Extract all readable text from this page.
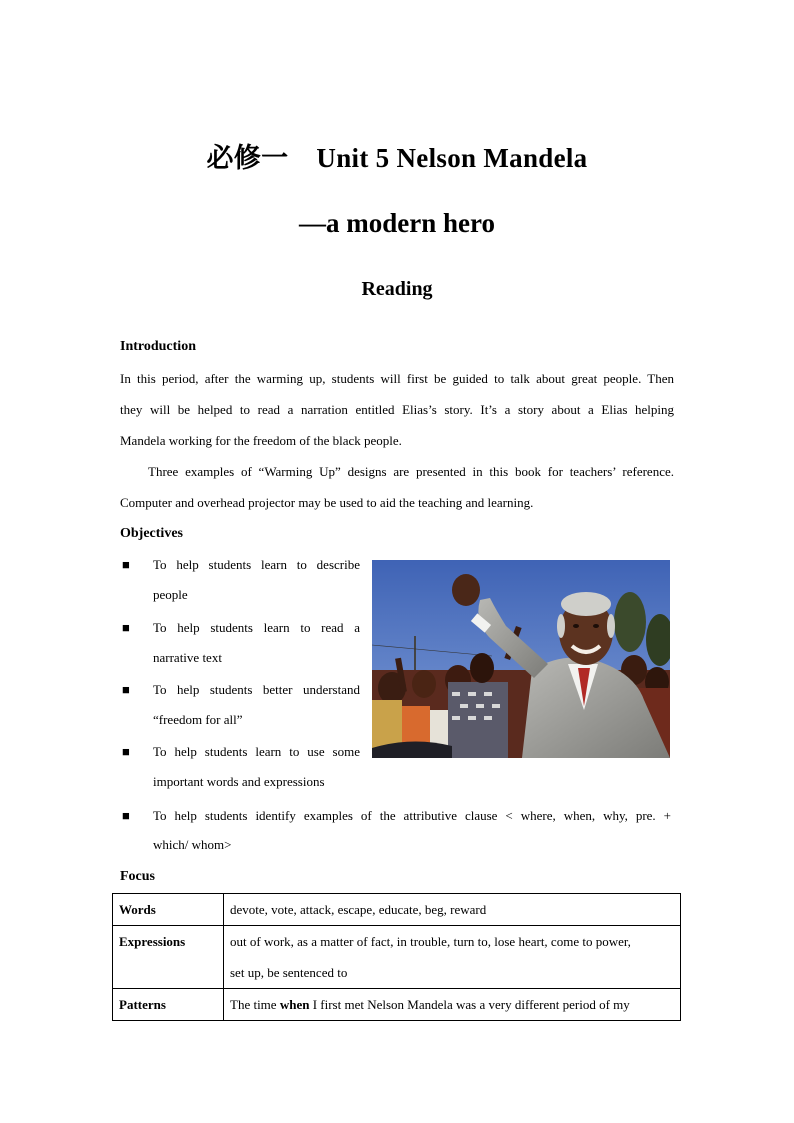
必修一 Unit 5 Nelson Mandela
—a modern hero
Reading
Introduction
In this period, after the warming up, students will first be guided to talk about great people. Then
they will be helped to read a narration entitled Elias’s story. It’s a story about a Elias helping
Mandela working for the freedom of the black people.
Three examples of “Warming Up” designs are presented in this book for teachers’ reference.
Computer and overhead projector may be used to aid the teaching and learning.
Objectives
■ To help students learn to describe
people
■ To help students learn to read a
narrative text
■ To help students better understand
“freedom for all”
■ To help students learn to use some
important words and expressions
■ To help students identify examples of the attributive clause < where, when, why, pre. +
which/ whom>
Focus
Words	devote, vote, attack, escape, educate, beg, reward

Expressions	out of work, as a matter of fact, in trouble, turn to, lose heart, come to power,
set up, be sentenced to

Patterns	The time when I first met Nelson Mandela was a very different period of my
